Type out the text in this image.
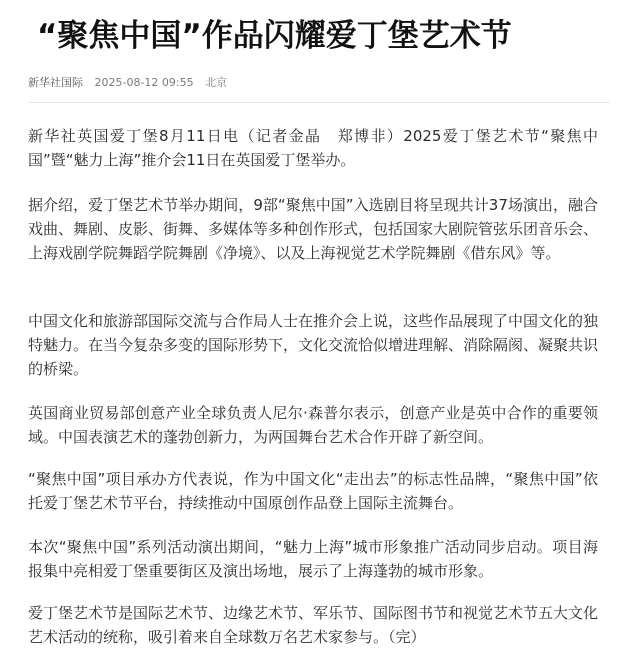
“聚焦中国”作品闪耀爱丁堡艺术节
新华社国际 2025-08-12 09:55 北京

新华社英国爱丁堡8月11日电（记者金晶　郑博非）2025爱丁堡艺术节“聚焦中国”暨“魅力上海”推介会11日在英国爱丁堡举办。

据介绍，爱丁堡艺术节举办期间，9部“聚焦中国”入选剧目将呈现共计37场演出，融合戏曲、舞剧、皮影、街舞、多媒体等多种创作形式，包括国家大剧院管弦乐团音乐会、上海戏剧学院舞蹈学院舞剧《净境》、以及上海视觉艺术学院舞剧《借东风》等。

中国文化和旅游部国际交流与合作局人士在推介会上说，这些作品展现了中国文化的独特魅力。在当今复杂多变的国际形势下，文化交流恰似增进理解、消除隔阂、凝聚共识的桥梁。

英国商业贸易部创意产业全球负责人尼尔·森普尔表示，创意产业是英中合作的重要领域。中国表演艺术的蓬勃创新力，为两国舞台艺术合作开辟了新空间。

“聚焦中国”项目承办方代表说，作为中国文化“走出去”的标志性品牌，“聚焦中国”依托爱丁堡艺术节平台，持续推动中国原创作品登上国际主流舞台。

本次“聚焦中国”系列活动演出期间，“魅力上海”城市形象推广活动同步启动。项目海报集中亮相爱丁堡重要街区及演出场地，展示了上海蓬勃的城市形象。

爱丁堡艺术节是国际艺术节、边缘艺术节、军乐节、国际图书节和视觉艺术节五大文化艺术活动的统称，吸引着来自全球数万名艺术家参与。（完）
